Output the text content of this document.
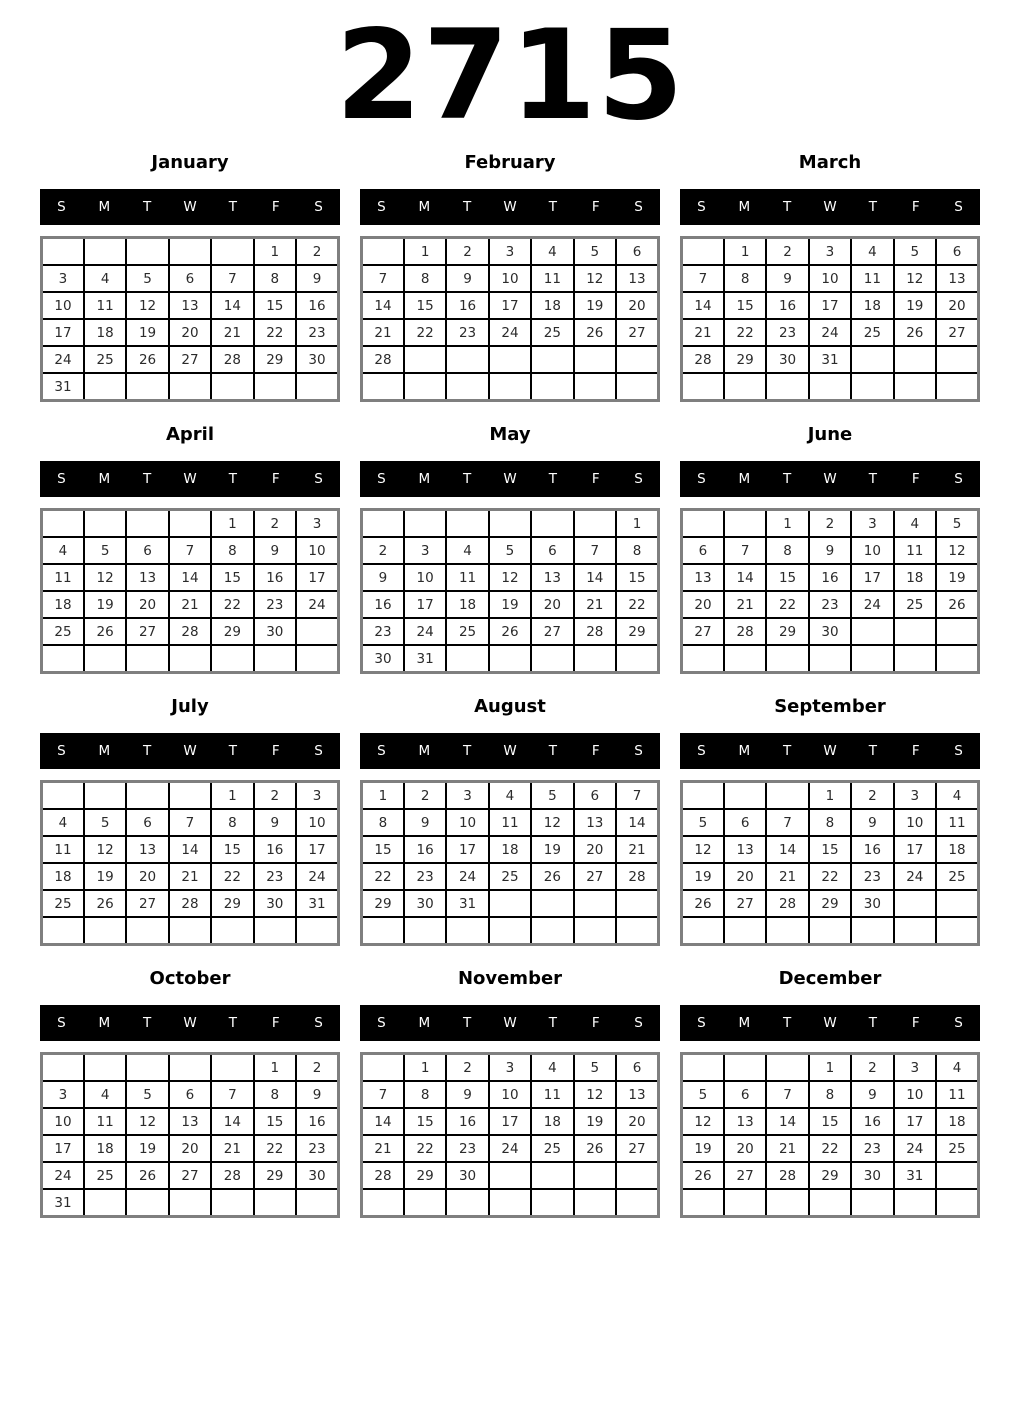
2715
January
S	M	T	W	T	F	S
					1	2
3	4	5	6	7	8	9
10	11	12	13	14	15	16
17	18	19	20	21	22	23
24	25	26	27	28	29	30
31						
February
S	M	T	W	T	F	S
	1	2	3	4	5	6
7	8	9	10	11	12	13
14	15	16	17	18	19	20
21	22	23	24	25	26	27
28						

March
S	M	T	W	T	F	S
	1	2	3	4	5	6
7	8	9	10	11	12	13
14	15	16	17	18	19	20
21	22	23	24	25	26	27
28	29	30	31			

April
S	M	T	W	T	F	S
				1	2	3
4	5	6	7	8	9	10
11	12	13	14	15	16	17
18	19	20	21	22	23	24
25	26	27	28	29	30	

May
S	M	T	W	T	F	S
						1
2	3	4	5	6	7	8
9	10	11	12	13	14	15
16	17	18	19	20	21	22
23	24	25	26	27	28	29
30	31					
June
S	M	T	W	T	F	S
		1	2	3	4	5
6	7	8	9	10	11	12
13	14	15	16	17	18	19
20	21	22	23	24	25	26
27	28	29	30			

July
S	M	T	W	T	F	S
				1	2	3
4	5	6	7	8	9	10
11	12	13	14	15	16	17
18	19	20	21	22	23	24
25	26	27	28	29	30	31

August
S	M	T	W	T	F	S
1	2	3	4	5	6	7
8	9	10	11	12	13	14
15	16	17	18	19	20	21
22	23	24	25	26	27	28
29	30	31				

September
S	M	T	W	T	F	S
			1	2	3	4
5	6	7	8	9	10	11
12	13	14	15	16	17	18
19	20	21	22	23	24	25
26	27	28	29	30		

October
S	M	T	W	T	F	S
					1	2
3	4	5	6	7	8	9
10	11	12	13	14	15	16
17	18	19	20	21	22	23
24	25	26	27	28	29	30
31						
November
S	M	T	W	T	F	S
	1	2	3	4	5	6
7	8	9	10	11	12	13
14	15	16	17	18	19	20
21	22	23	24	25	26	27
28	29	30				

December
S	M	T	W	T	F	S
			1	2	3	4
5	6	7	8	9	10	11
12	13	14	15	16	17	18
19	20	21	22	23	24	25
26	27	28	29	30	31	
